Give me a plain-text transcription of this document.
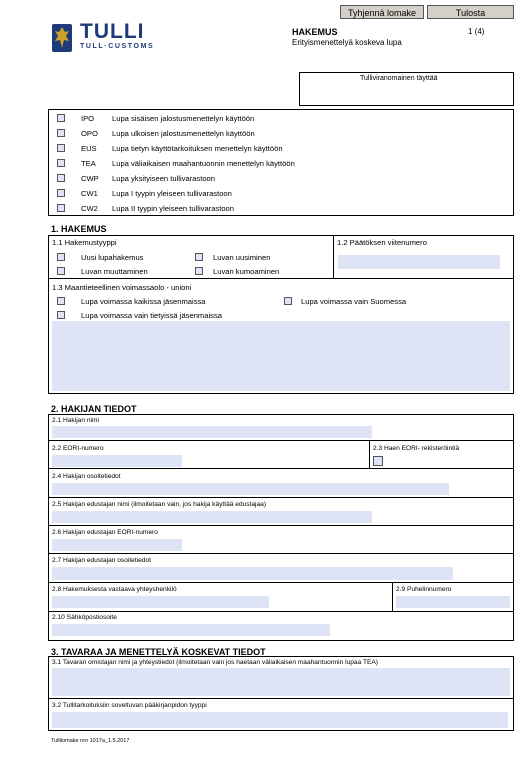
Tyhjennä lomake	Tulosta
TULLI
TULL·CUSTOMS
HAKEMUS
Erityismenettelyä koskeva lupa
1 (4)
Tulliviranomainen täyttää
IPO Lupa sisäisen jalostusmenettelyn käyttöön
OPO Lupa ulkoisen jalostusmenettelyn käyttöön
EUS Lupa tietyn käyttötarkoituksen menettelyn käyttöön
TEA Lupa väliaikaisen maahantuonnin menettelyn käyttöön
CWP Lupa yksityiseen tullivarastoon
CW1 Lupa I tyypin yleiseen tullivarastoon
CW2 Lupa II tyypin yleiseen tullivarastoon
1. HAKEMUS
1.1 Hakemustyyppi
Uusi lupahakemus	Luvan uusiminen
Luvan muuttaminen	Luvan kumoaminen
1.2 Päätöksen viitenumero
1.3 Maantieteellinen voimassaolo - unioni
Lupa voimassa kaikissa jäsenmaissa	Lupa voimassa vain Suomessa
Lupa voimassa vain tietyissä jäsenmaissa
2. HAKIJAN TIEDOT
2.1 Hakijan nimi
2.2 EORI-numero	2.3 Haen EORI- rekisteröintiä
2.4 Hakijan osoitetiedot
2.5 Hakijan edustajan nimi (ilmoitetaan vain, jos hakija käyttää edustajaa)
2.6 Hakijan edustajan EORI-numero
2.7 Hakijan edustajan osoitetiedot
2.8 Hakemuksesta vastaava yhteyshenkilö	2.9 Puhelinnumero
2.10 Sähköpostiosoite
3. TAVARAA JA MENETTELYÄ KOSKEVAT TIEDOT
3.1 Tavaran omistajan nimi ja yhteystiedot (ilmoitetaan vain jos haetaan väliaikaisen maahantuonnin lupaa TEA)
3.2 Tullitarkoituksiin soveltuvan pääkirjanpidon tyyppi
Tullilomake nro 1017a_1.5.2017
